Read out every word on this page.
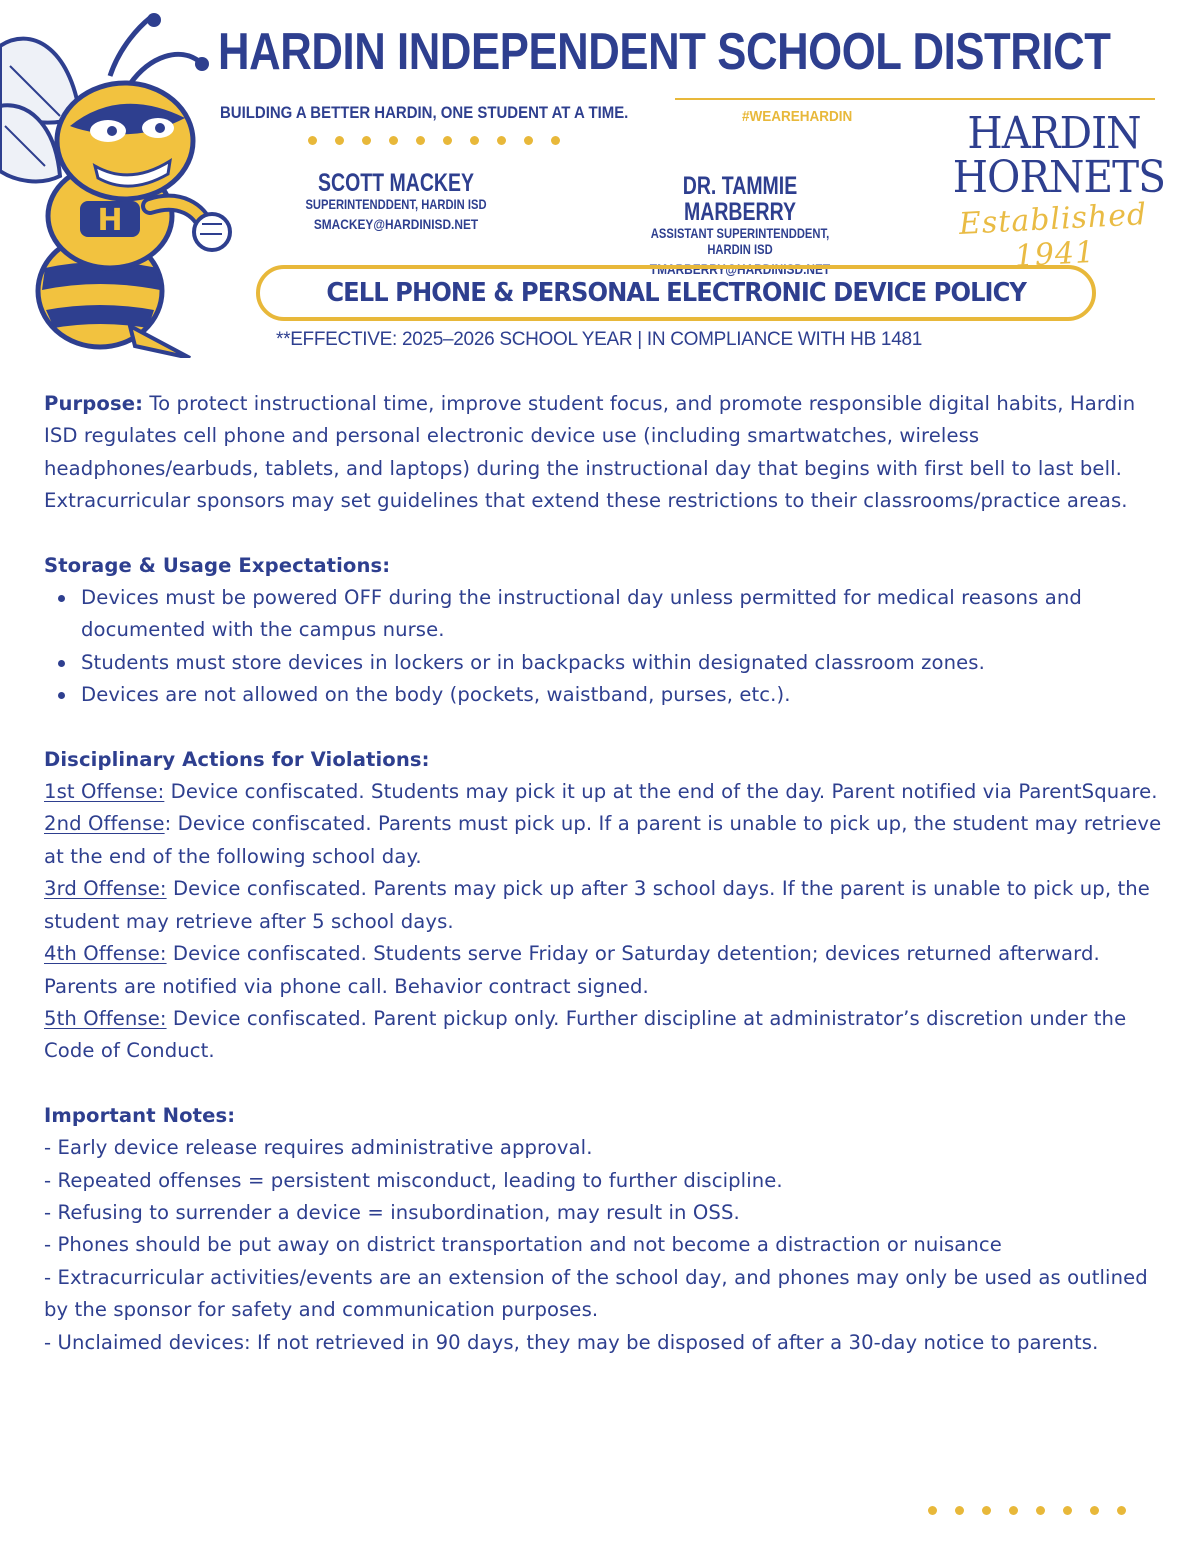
H
HARDIN INDEPENDENT SCHOOL DISTRICT
BUILDING A BETTER HARDIN, ONE STUDENT AT A TIME.	#WEAREHARDIN
SCOTT MACKEY
SUPERINTENDDENT, HARDIN ISD
SMACKEY@HARDINISD.NET
DR. TAMMIE MARBERRY
ASSISTANT SUPERINTENDDENT, HARDIN ISD
TMARBERRY@HARDINISD.NET
HARDIN
HORNETS
Established 1941
CELL PHONE & PERSONAL ELECTRONIC DEVICE POLICY
**EFFECTIVE: 2025–2026 SCHOOL YEAR | IN COMPLIANCE WITH HB 1481

Purpose: To protect instructional time, improve student focus, and promote responsible digital habits, Hardin ISD regulates cell phone and personal electronic device use (including smartwatches, wireless headphones/earbuds, tablets, and laptops) during the instructional day that begins with first bell to last bell. Extracurricular sponsors may set guidelines that extend these restrictions to their classrooms/practice areas.

Storage & Usage Expectations:

Devices must be powered OFF during the instructional day unless permitted for medical reasons and documented with the campus nurse.
Students must store devices in lockers or in backpacks within designated classroom zones.
Devices are not allowed on the body (pockets, waistband, purses, etc.).

Disciplinary Actions for Violations:

1st Offense: Device confiscated. Students may pick it up at the end of the day. Parent notified via ParentSquare.

2nd Offense: Device confiscated. Parents must pick up. If a parent is unable to pick up, the student may retrieve at the end of the following school day.

3rd Offense: Device confiscated. Parents may pick up after 3 school days. If the parent is unable to pick up, the student may retrieve after 5 school days.

4th Offense: Device confiscated. Students serve Friday or Saturday detention; devices returned afterward. Parents are notified via phone call. Behavior contract signed.

5th Offense: Device confiscated. Parent pickup only. Further discipline at administrator’s discretion under the Code of Conduct.

Important Notes:

- Early device release requires administrative approval.

- Repeated offenses = persistent misconduct, leading to further discipline.

- Refusing to surrender a device = insubordination, may result in OSS.

- Phones should be put away on district transportation and not become a distraction or nuisance

- Extracurricular activities/events are an extension of the school day, and phones may only be used as outlined by the sponsor for safety and communication purposes.

- Unclaimed devices: If not retrieved in 90 days, they may be disposed of after a 30-day notice to parents.
